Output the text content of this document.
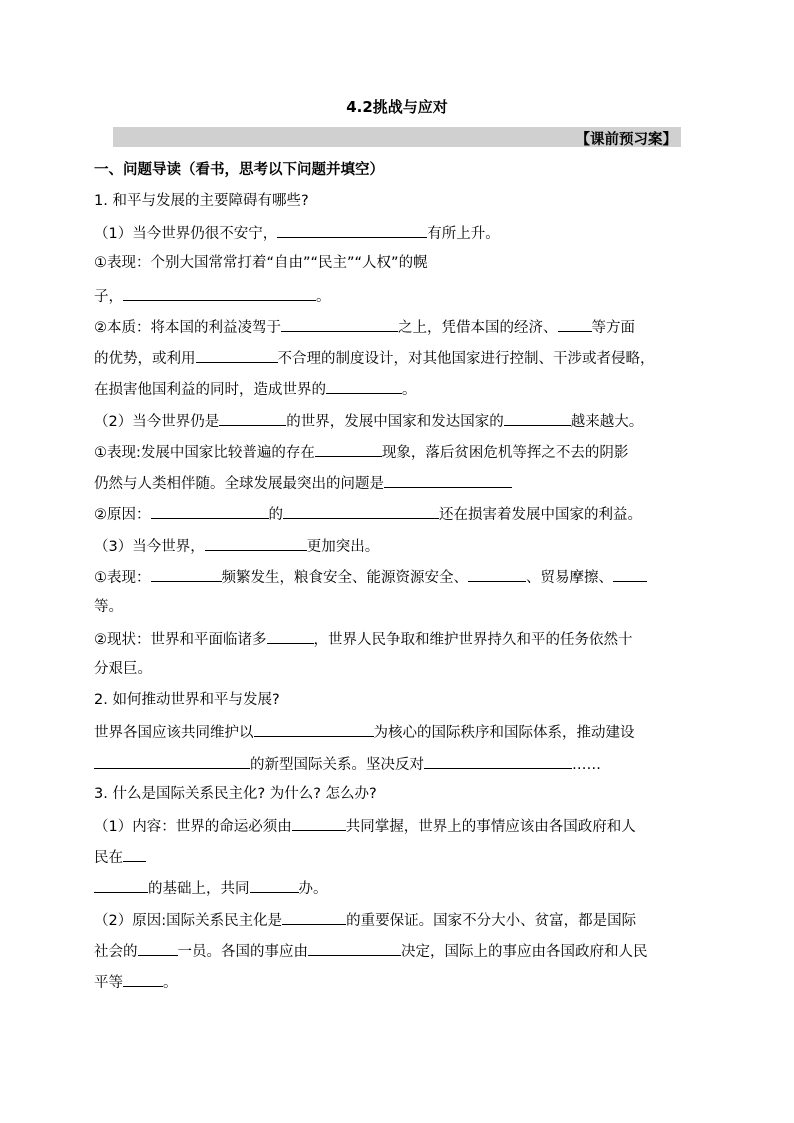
4.2挑战与应对
【课前预习案】
一、问题导读（看书，思考以下问题并填空）
1. 和平与发展的主要障碍有哪些?
（1）当今世界仍很不安宁，	有所上升。
①表现：个别大国常常打着“自由”“民主”“人权”的幌
子，	。
②本质：将本国的利益凌驾于	之上，凭借本国的经济、 等方面
的优势，或利用	不合理的制度设计，对其他国家进行控制、干涉或者侵略，
在损害他国利益的同时，造成世界的	。
（2）当今世界仍是	的世界，发展中国家和发达国家的	越来越大。
①表现:发展中国家比较普遍的存在	现象，落后贫困危机等挥之不去的阴影
仍然与人类相伴随。全球发展最突出的问题是
②原因：	的	还在损害着发展中国家的利益。
（3）当今世界，	更加突出。
①表现：	频繁发生，粮食安全、能源资源安全、	、贸易摩擦、
等。
②现状：世界和平面临诸多	，世界人民争取和维护世界持久和平的任务依然十
分艰巨。
2. 如何推动世界和平与发展?
世界各国应该共同维护以	为核心的国际秩序和国际体系，推动建设
的新型国际关系。坚决反对	……
3. 什么是国际关系民主化? 为什么? 怎么办?
（1）内容：世界的命运必须由	共同掌握，世界上的事情应该由各国政府和人
民在
的基础上，共同	办。
（2）原因:国际关系民主化是	的重要保证。国家不分大小、贫富，都是国际
社会的	一员。各国的事应由	决定，国际上的事应由各国政府和人民
平等	。
